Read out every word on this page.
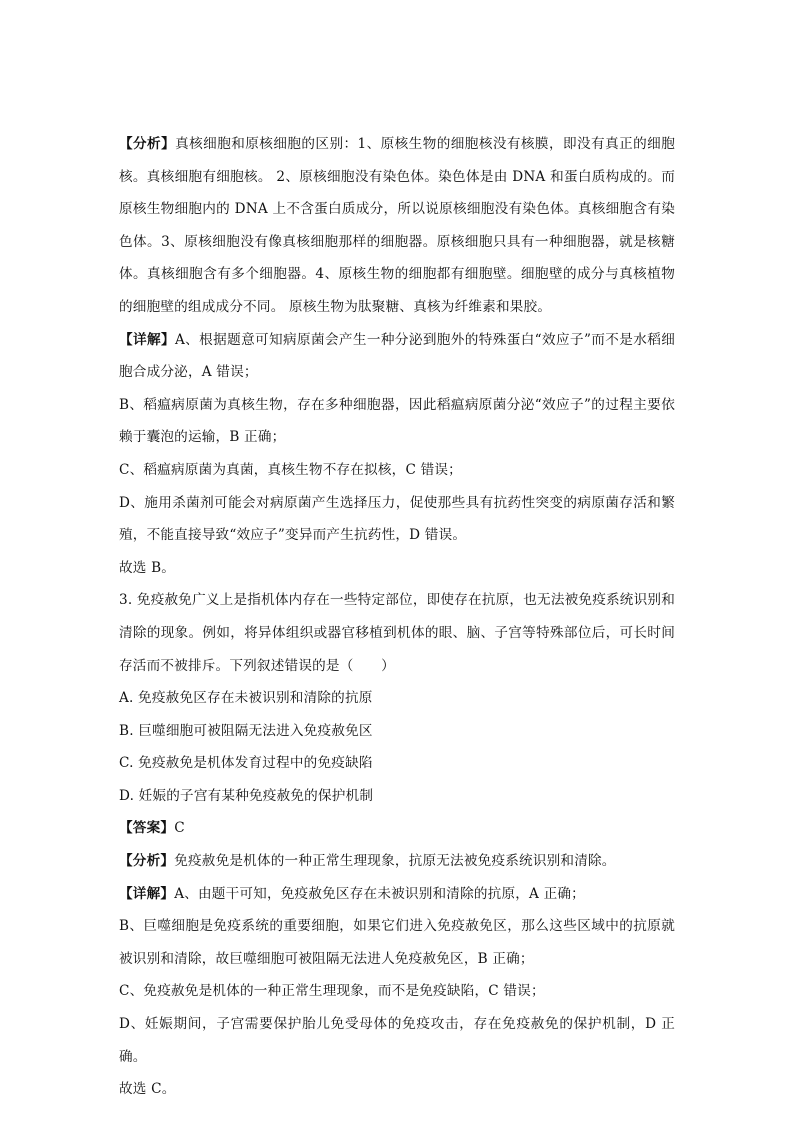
【分析】真核细胞和原核细胞的区别：1、原核生物的细胞核没有核膜，即没有真正的细胞核。真核细胞有细胞核。 2、原核细胞没有染色体。染色体是由 DNA 和蛋白质构成的。而原核生物细胞内的 DNA 上不含蛋白质成分，所以说原核细胞没有染色体。真核细胞含有染色体。3、原核细胞没有像真核细胞那样的细胞器。原核细胞只具有一种细胞器，就是核糖体。真核细胞含有多个细胞器。4、原核生物的细胞都有细胞壁。细胞壁的成分与真核植物的细胞壁的组成成分不同。 原核生物为肽聚糖、真核为纤维素和果胶。

【详解】A、根据题意可知病原菌会产生一种分泌到胞外的特殊蛋白“效应子”而不是水稻细胞合成分泌，A 错误；

B、稻瘟病原菌为真核生物，存在多种细胞器，因此稻瘟病原菌分泌“效应子”的过程主要依赖于囊泡的运输，B 正确；

C、稻瘟病原菌为真菌，真核生物不存在拟核，C 错误；

D、施用杀菌剂可能会对病原菌产生选择压力，促使那些具有抗药性突变的病原菌存活和繁殖，不能直接导致“效应子”变异而产生抗药性，D 错误。

故选 B。

3. 免疫赦免广义上是指机体内存在一些特定部位，即使存在抗原，也无法被免疫系统识别和清除的现象。例如，将异体组织或器官移植到机体的眼、脑、子宫等特殊部位后，可长时间存活而不被排斥。下列叙述错误的是（　　）

A. 免疫赦免区存在未被识别和清除的抗原

B. 巨噬细胞可被阻隔无法进入免疫赦免区

C. 免疫赦免是机体发育过程中的免疫缺陷

D. 妊娠的子宫有某种免疫赦免的保护机制

【答案】C

【分析】免疫赦免是机体的一种正常生理现象，抗原无法被免疫系统识别和清除。

【详解】A、由题干可知，免疫赦免区存在未被识别和清除的抗原，A 正确；

B、巨噬细胞是免疫系统的重要细胞，如果它们进入免疫赦免区，那么这些区域中的抗原就被识别和清除，故巨噬细胞可被阻隔无法进人免疫赦免区，B 正确；

C、免疫赦免是机体的一种正常生理现象，而不是免疫缺陷，C 错误；

D、妊娠期间，子宫需要保护胎儿免受母体的免疫攻击，存在免疫赦免的保护机制，D 正确。

故选 C。
